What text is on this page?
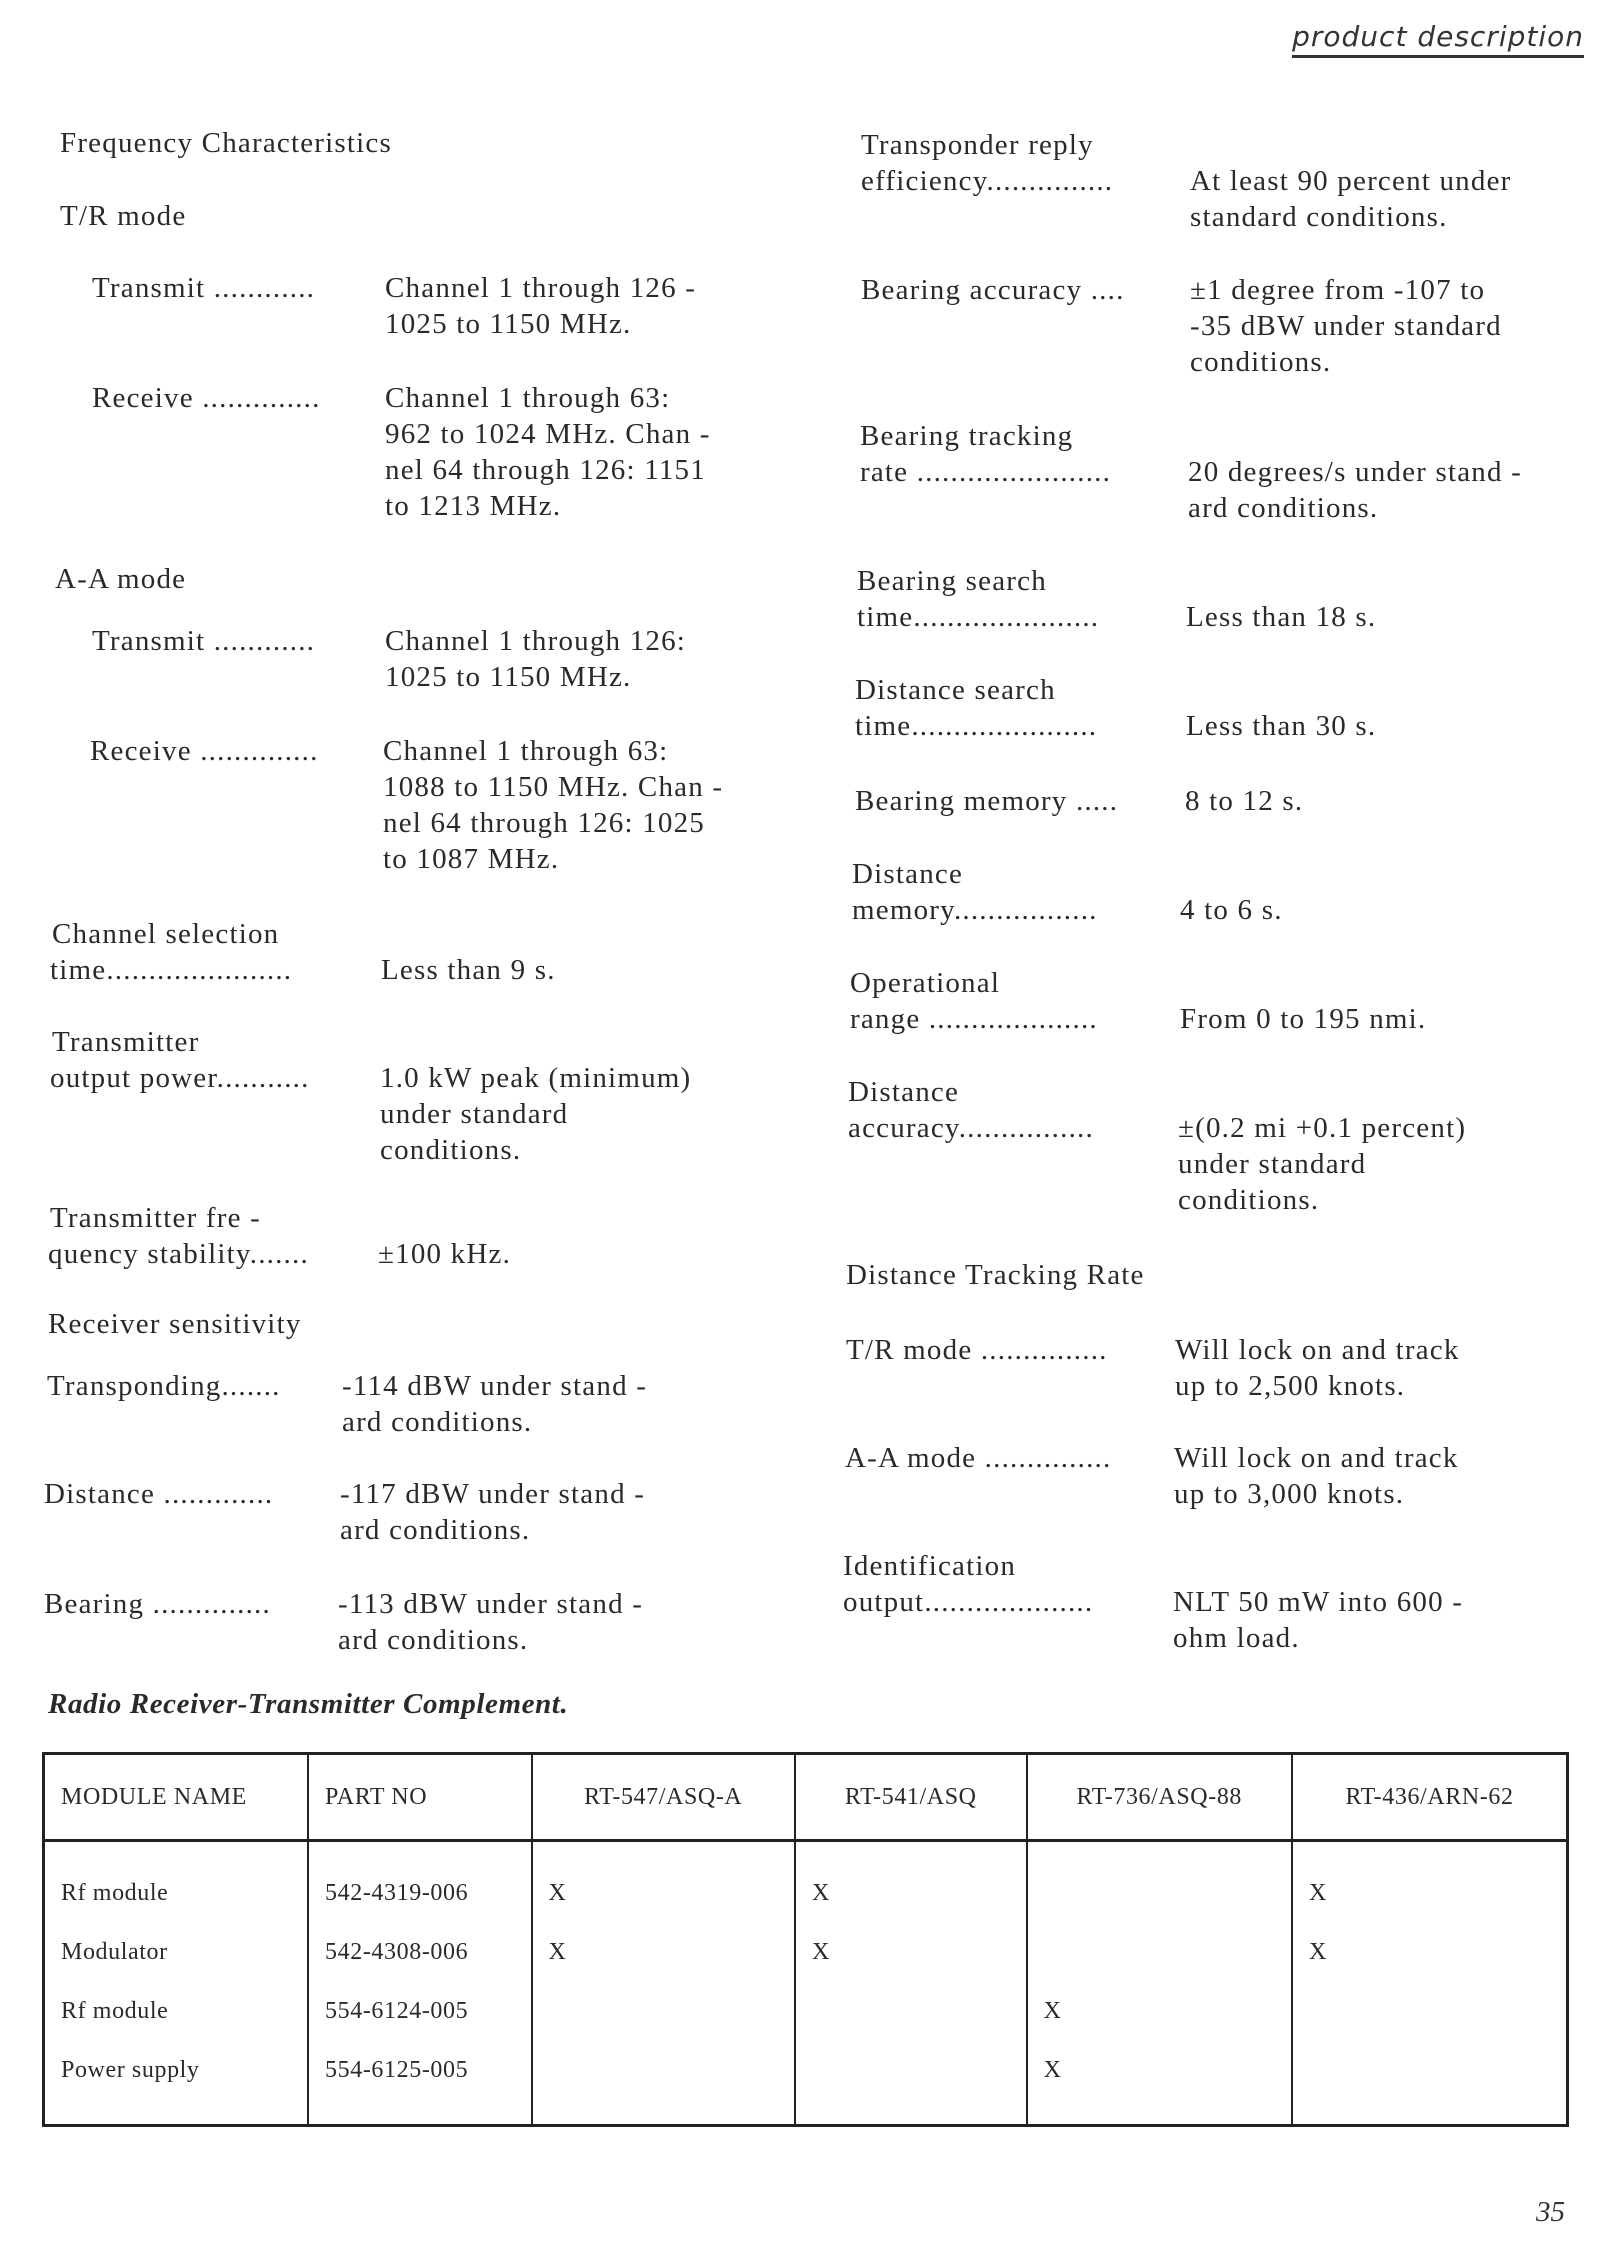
product description
Frequency Characteristics
T/R mode
Transmit ............ Channel 1 through 126 -
1025 to 1150 MHz.
Receive .............. Channel 1 through 63:
962 to 1024 MHz. Chan -
nel 64 through 126: 1151
to 1213 MHz.
A-A mode
Transmit ............ Channel 1 through 126:
1025 to 1150 MHz.
Receive .............. Channel 1 through 63:
1088 to 1150 MHz. Chan -
nel 64 through 126: 1025
to 1087 MHz.
Channel selection
time......................	Less than 9 s.
Transmitter
output power........... 1.0 kW peak (minimum)
under standard
conditions.
Transmitter fre -
quency stability....... ±100 kHz.
Receiver sensitivity
Transponding....... -114 dBW under stand -
ard conditions.
Distance ............. -117 dBW under stand -
ard conditions.
Bearing .............. -113 dBW under stand -
ard conditions.
Transponder reply
efficiency...............	At least 90 percent under
standard conditions.
Bearing accuracy .... ±1 degree from -107 to
-35 dBW under standard
conditions.
Bearing tracking
rate .......................	20 degrees/s under stand -
ard conditions.
Bearing search
time......................	Less than 18 s.
Distance search
time......................	Less than 30 s.
Bearing memory ..... 8 to 12 s.
Distance
memory.................	4 to 6 s.
Operational
range ....................	From 0 to 195 nmi.
Distance
accuracy................	±(0.2 mi +0.1 percent)
under standard
conditions.
Distance Tracking Rate
T/R mode ............... Will lock on and track
up to 2,500 knots.
A-A mode ............... Will lock on and track
up to 3,000 knots.
Identification
output....................	NLT 50 mW into 600 -
ohm load.
Radio Receiver-Transmitter Complement.
MODULE NAME	PART NO	RT-547/ASQ-A	RT-541/ASQ	RT-736/ASQ-88	RT-436/ARN-62
Rf module	542-4319-006	X	X		X
Modulator	542-4308-006	X	X		X
Rf module	554-6124-005			X	
Power supply	554-6125-005			X	
35
